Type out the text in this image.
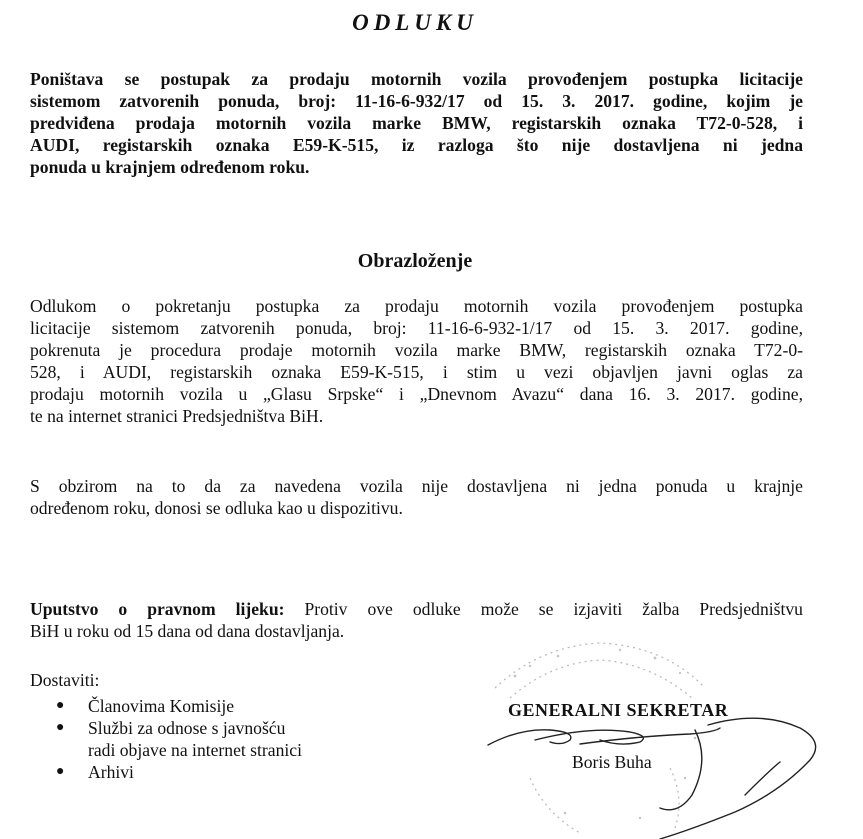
ODLUKU
Poništava se postupak za prodaju motornih vozila provođenjem postupka licitacije
sistemom zatvorenih ponuda, broj: 11-16-6-932/17 od 15. 3. 2017. godine, kojim je
predviđena prodaja motornih vozila marke BMW, registarskih oznaka T72-0-528, i
AUDI, registarskih oznaka E59-K-515, iz razloga što nije dostavljena ni jedna
ponuda u krajnjem određenom roku.
Obrazloženje
Odlukom o pokretanju postupka za prodaju motornih vozila provođenjem postupka
licitacije sistemom zatvorenih ponuda, broj: 11-16-6-932-1/17 od 15. 3. 2017. godine,
pokrenuta je procedura prodaje motornih vozila marke BMW, registarskih oznaka T72-0-
528, i AUDI, registarskih oznaka E59-K-515, i stim u vezi objavljen javni oglas za
prodaju motornih vozila u „Glasu Srpske“ i „Dnevnom Avazu“ dana 16. 3. 2017. godine,
te na internet stranici Predsjedništva BiH.
S obzirom na to da za navedena vozila nije dostavljena ni jedna ponuda u krajnje
određenom roku, donosi se odluka kao u dispozitivu.
Uputstvo o pravnom lijeku: Protiv ove odluke može se izjaviti žalba Predsjedništvu
BiH u roku od 15 dana od dana dostavljanja.
Dostaviti:
● Članovima Komisije
● Službi za odnose s javnošću
radi objave na internet stranici
● Arhivi
GENERALNI SEKRETAR
Boris Buha
